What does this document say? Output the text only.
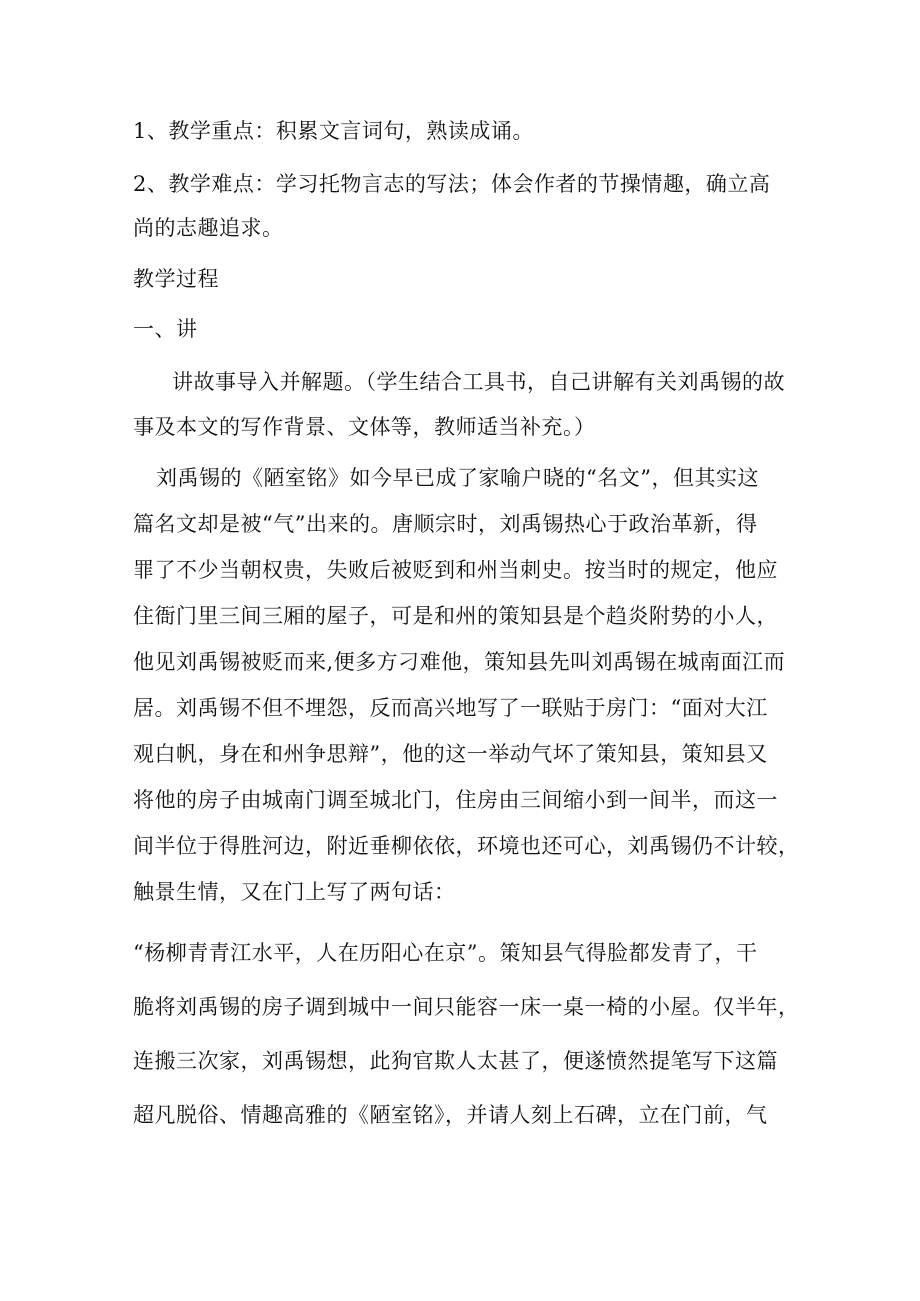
1、教学重点：积累文言词句，熟读成诵。
2、教学难点：学习托物言志的写法；体会作者的节操情趣，确立高
尚的志趣追求。
教学过程
一、讲
讲故事导入并解题。（学生结合工具书，自己讲解有关刘禹锡的故
事及本文的写作背景、文体等，教师适当补充。）
刘禹锡的《陋室铭》如今早已成了家喻户晓的“名文”，但其实这
篇名文却是被“气”出来的。唐顺宗时，刘禹锡热心于政治革新，得
罪了不少当朝权贵，失败后被贬到和州当刺史。按当时的规定，他应
住衙门里三间三厢的屋子，可是和州的策知县是个趋炎附势的小人，
他见刘禹锡被贬而来,便多方刁难他，策知县先叫刘禹锡在城南面江而
居。刘禹锡不但不埋怨，反而高兴地写了一联贴于房门：“面对大江
观白帆，身在和州争思辩”，他的这一举动气坏了策知县，策知县又
将他的房子由城南门调至城北门，住房由三间缩小到一间半，而这一
间半位于得胜河边，附近垂柳依依，环境也还可心，刘禹锡仍不计较，
触景生情，又在门上写了两句话：
“杨柳青青江水平，人在历阳心在京”。策知县气得脸都发青了，干
脆将刘禹锡的房子调到城中一间只能容一床一桌一椅的小屋。仅半年，
连搬三次家，刘禹锡想，此狗官欺人太甚了，便遂愤然提笔写下这篇
超凡脱俗、情趣高雅的《陋室铭》，并请人刻上石碑，立在门前，气
